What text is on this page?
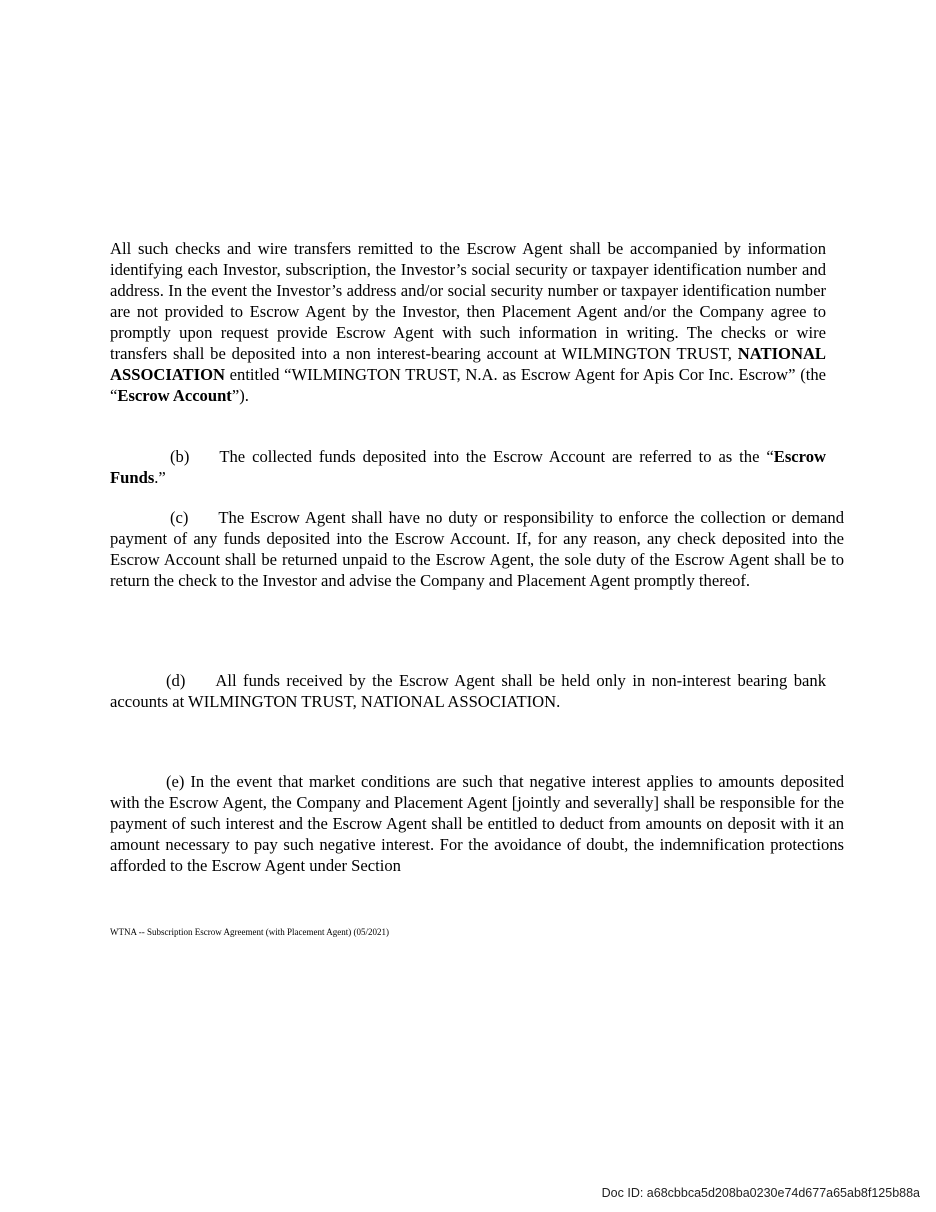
All such checks and wire transfers remitted to the Escrow Agent shall be accompanied by information identifying each Investor, subscription, the Investor’s social security or taxpayer identification number and address. In the event the Investor’s address and/or social security number or taxpayer identification number are not provided to Escrow Agent by the Investor, then Placement Agent and/or the Company agree to promptly upon request provide Escrow Agent with such information in writing. The checks or wire transfers shall be deposited into a non interest-bearing account at WILMINGTON TRUST, NATIONAL ASSOCIATION entitled “WILMINGTON TRUST, N.A. as Escrow Agent for Apis Cor Inc. Escrow” (the “Escrow Account”).

(b) The collected funds deposited into the Escrow Account are referred to as the “Escrow Funds.”

(c) The Escrow Agent shall have no duty or responsibility to enforce the collection or demand payment of any funds deposited into the Escrow Account. If, for any reason, any check deposited into the Escrow Account shall be returned unpaid to the Escrow Agent, the sole duty of the Escrow Agent shall be to return the check to the Investor and advise the Company and Placement Agent promptly thereof.

(d) All funds received by the Escrow Agent shall be held only in non-interest bearing bank accounts at WILMINGTON TRUST, NATIONAL ASSOCIATION.

(e) In the event that market conditions are such that negative interest applies to amounts deposited with the Escrow Agent, the Company and Placement Agent [jointly and severally] shall be responsible for the payment of such interest and the Escrow Agent shall be entitled to deduct from amounts on deposit with it an amount necessary to pay such negative interest. For the avoidance of doubt, the indemnification protections afforded to the Escrow Agent under Section

WTNA -- Subscription Escrow Agreement (with Placement Agent) (05/2021)
Doc ID: a68cbbca5d208ba0230e74d677a65ab8f125b88a
